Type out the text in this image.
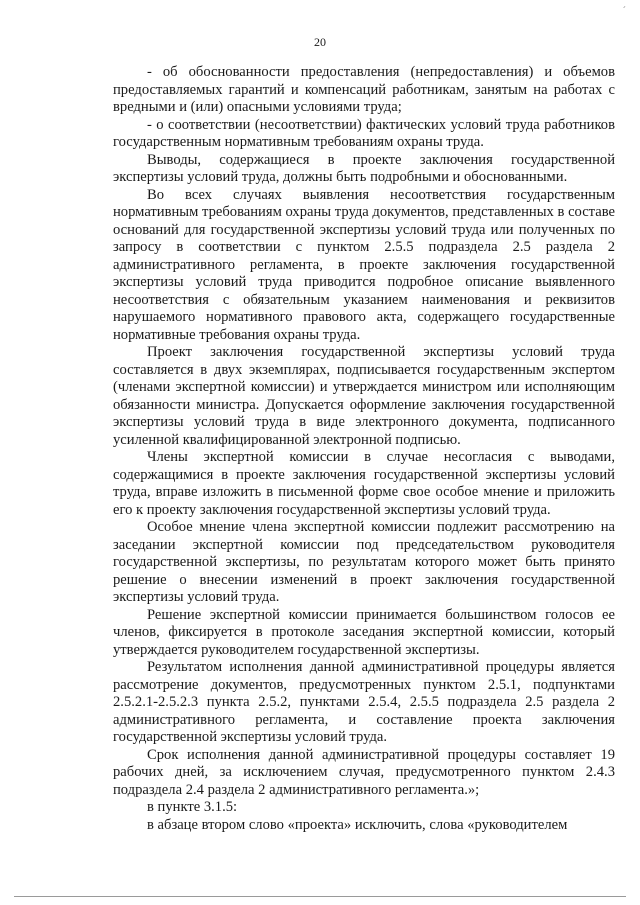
´
20

- об обоснованности предоставления (непредоставления) и объемов предоставляемых гарантий и компенсаций работникам, занятым на работах с вредными и (или) опасными условиями труда;

- о соответствии (несоответствии) фактических условий труда работников государственным нормативным требованиям охраны труда.

Выводы, содержащиеся в проекте заключения государственной экспертизы условий труда, должны быть подробными и обоснованными.

Во всех случаях выявления несоответствия государственным нормативным требованиям охраны труда документов, представленных в составе оснований для государственной экспертизы условий труда или полученных по запросу в соответствии с пунктом 2.5.5 подраздела 2.5 раздела 2 административного регламента, в проекте заключения государственной экспертизы условий труда приводится подробное описание выявленного несоответствия с обязательным указанием наименования и реквизитов нарушаемого нормативного правового акта, содержащего государственные нормативные требования охраны труда.

Проект заключения государственной экспертизы условий труда составляется в двух экземплярах, подписывается государственным экспертом (членами экспертной комиссии) и утверждается министром или исполняющим обязанности министра. Допускается оформление заключения государственной экспертизы условий труда в виде электронного документа, подписанного усиленной квалифицированной электронной подписью.

Члены экспертной комиссии в случае несогласия с выводами, содержащимися в проекте заключения государственной экспертизы условий труда, вправе изложить в письменной форме свое особое мнение и приложить его к проекту заключения государственной экспертизы условий труда.

Особое мнение члена экспертной комиссии подлежит рассмотрению на заседании экспертной комиссии под председательством руководителя государственной экспертизы, по результатам которого может быть принято решение о внесении изменений в проект заключения государственной экспертизы условий труда.

Решение экспертной комиссии принимается большинством голосов ее членов, фиксируется в протоколе заседания экспертной комиссии, который утверждается руководителем государственной экспертизы.

Результатом исполнения данной административной процедуры является рассмотрение документов, предусмотренных пунктом 2.5.1, подпунктами 2.5.2.1-2.5.2.3 пункта 2.5.2, пунктами 2.5.4, 2.5.5 подраздела 2.5 раздела 2 административного регламента, и составление проекта заключения государственной экспертизы условий труда.

Срок исполнения данной административной процедуры составляет 19 рабочих дней, за исключением случая, предусмотренного пунктом 2.4.3 подраздела 2.4 раздела 2 административного регламента.»;

в пункте 3.1.5:

в абзаце втором слово «проекта» исключить, слова «руководителем
